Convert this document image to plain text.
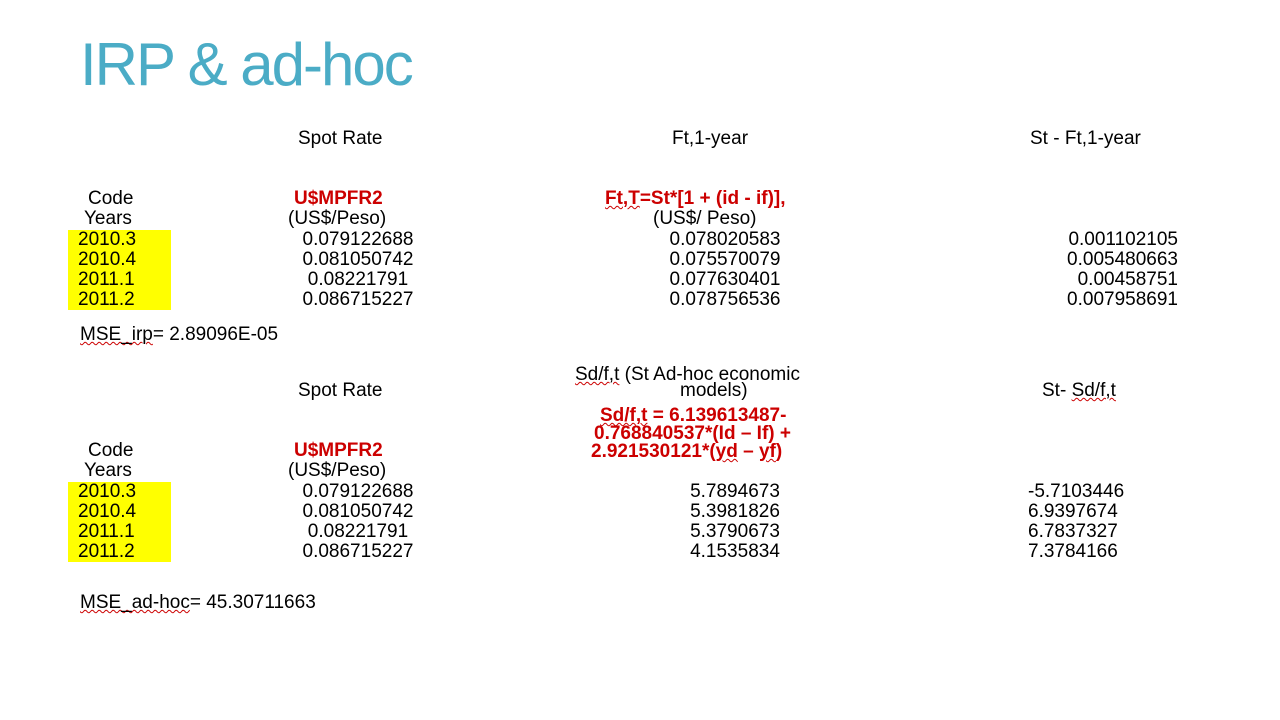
IRP & ad-hoc
Spot Rate	Ft,1-year	St - Ft,1-year
Code	U$MPFR2	Ft,T=St*[1 + (id - if)],
Years	(US$/Peso)	(US$/ Peso)
2010.3	0.079122688	0.078020583	0.001102105
2010.4	0.081050742	0.075570079	0.005480663
2011.1	0.08221791	0.077630401	0.00458751
2011.2	0.086715227	0.078756536	0.007958691
MSE_irp= 2.89096E-05
Sd/f,t (St Ad-hoc economic
models)
Spot Rate	St- Sd/f,t
Sd/f,t = 6.139613487-
0.768840537*(Id – If) +
2.921530121*(yd – yf)
Code	U$MPFR2
Years	(US$/Peso)
2010.3	0.079122688	5.7894673	-5.7103446
2010.4	0.081050742	5.3981826	6.9397674
2011.1	0.08221791	5.3790673	6.7837327
2011.2	0.086715227	4.1535834	7.3784166
MSE_ad-hoc= 45.30711663
